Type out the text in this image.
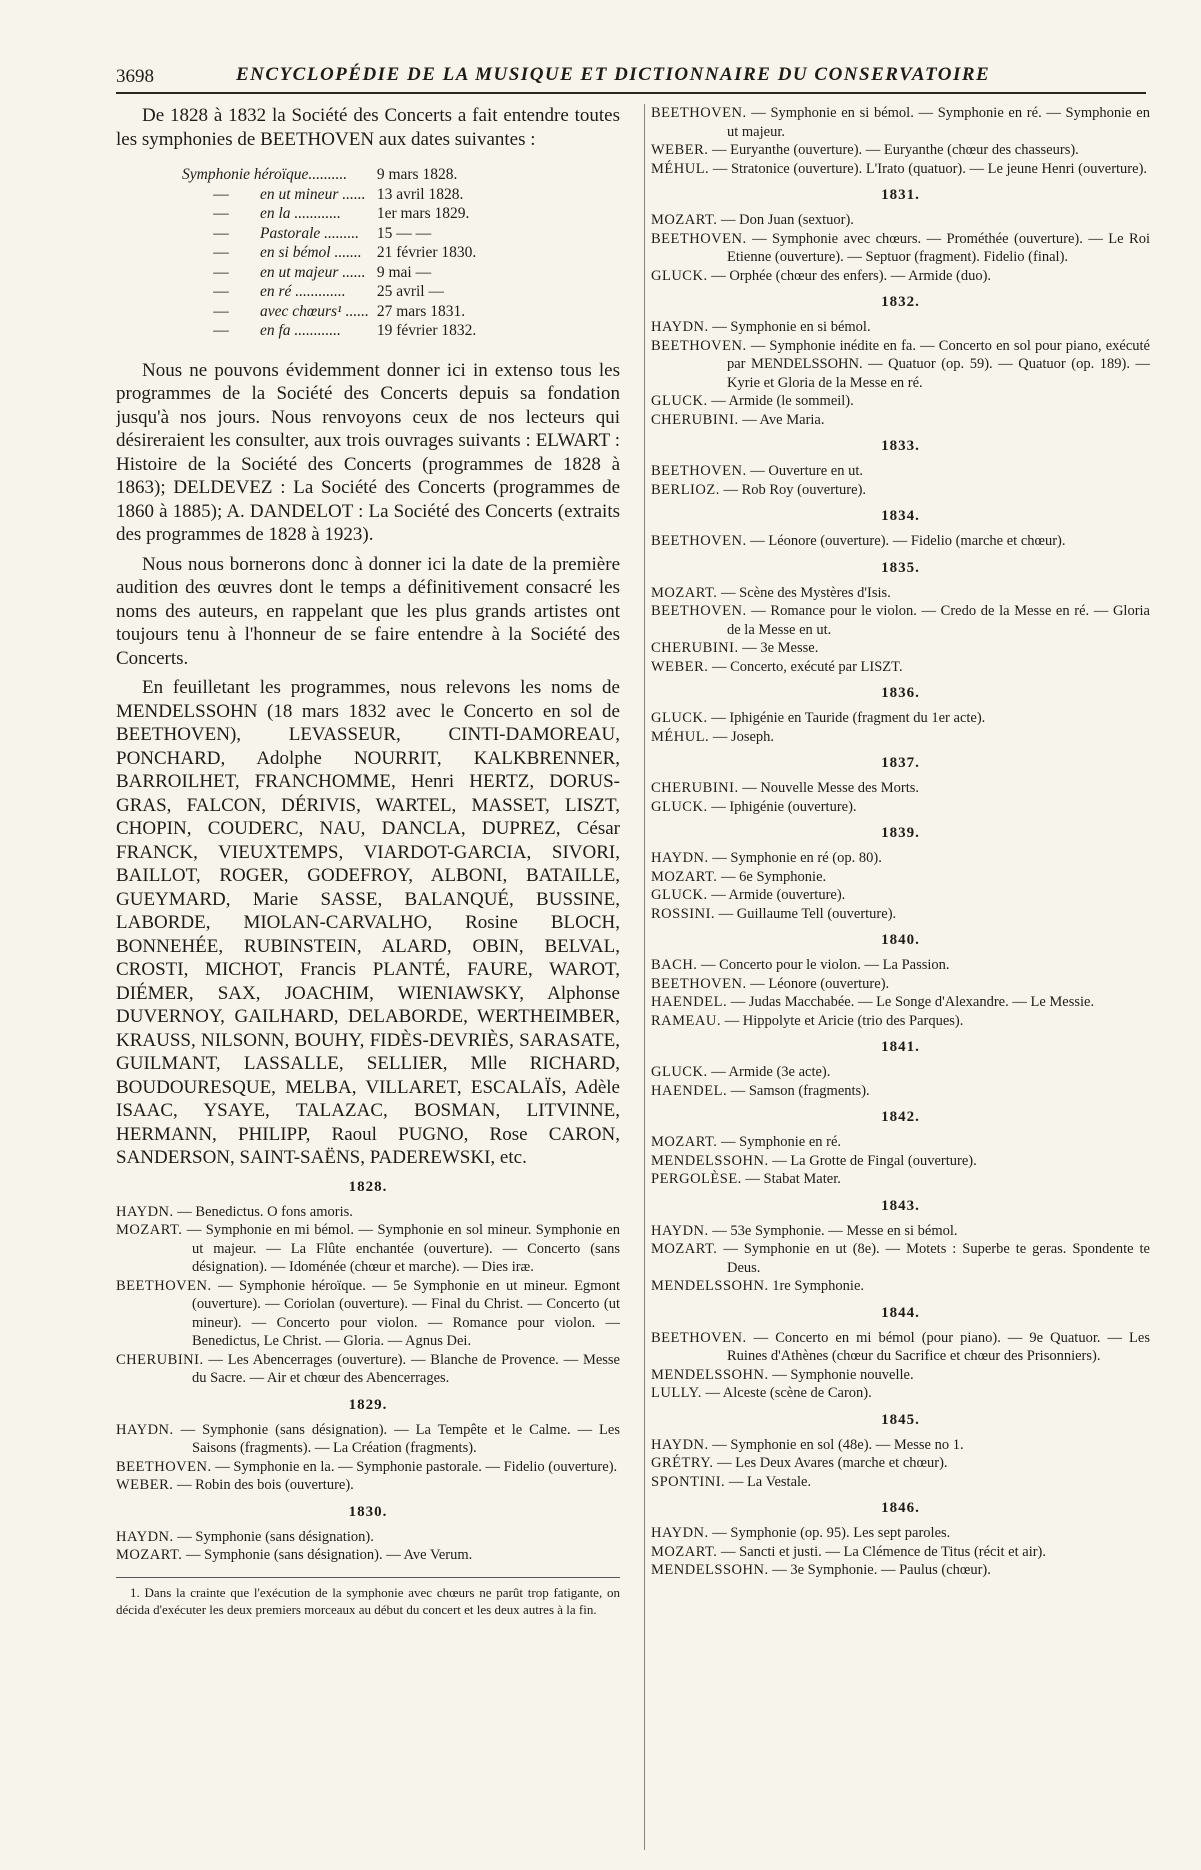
3698	ENCYCLOPÉDIE DE LA MUSIQUE ET DICTIONNAIRE DU CONSERVATOIRE

De 1828 à 1832 la Société des Concerts a fait entendre toutes les symphonies de BEETHOVEN aux dates suivantes :

Symphonie héroïque..........		9 mars 1828.
—	en ut mineur ......	13 avril 1828.
—	en la ............	1er mars 1829.
—	Pastorale .........	15 — —
—	en si bémol .......	21 février 1830.
—	en ut majeur ......	9 mai —
—	en ré .............	25 avril —
—	avec chœurs¹ ......	27 mars 1831.
—	en fa ............	19 février 1832.

Nous ne pouvons évidemment donner ici in extenso tous les programmes de la Société des Concerts depuis sa fondation jusqu'à nos jours. Nous renvoyons ceux de nos lecteurs qui désireraient les consulter, aux trois ouvrages suivants : ELWART : Histoire de la Société des Concerts (programmes de 1828 à 1863); DELDEVEZ : La Société des Concerts (programmes de 1860 à 1885); A. DANDELOT : La Société des Concerts (extraits des programmes de 1828 à 1923).

Nous nous bornerons donc à donner ici la date de la première audition des œuvres dont le temps a définitivement consacré les noms des auteurs, en rappelant que les plus grands artistes ont toujours tenu à l'honneur de se faire entendre à la Société des Concerts.

En feuilletant les programmes, nous relevons les noms de MENDELSSOHN (18 mars 1832 avec le Concerto en sol de BEETHOVEN), LEVASSEUR, CINTI-DAMOREAU, PONCHARD, Adolphe NOURRIT, KALKBRENNER, BARROILHET, FRANCHOMME, Henri HERTZ, DORUS-GRAS, FALCON, DÉRIVIS, WARTEL, MASSET, LISZT, CHOPIN, COUDERC, NAU, DANCLA, DUPREZ, César FRANCK, VIEUXTEMPS, VIARDOT-GARCIA, SIVORI, BAILLOT, ROGER, GODEFROY, ALBONI, BATAILLE, GUEYMARD, Marie SASSE, BALANQUÉ, BUSSINE, LABORDE, MIOLAN-CARVALHO, Rosine BLOCH, BONNEHÉE, RUBINSTEIN, ALARD, OBIN, BELVAL, CROSTI, MICHOT, Francis PLANTÉ, FAURE, WAROT, DIÉMER, SAX, JOACHIM, WIENIAWSKY, Alphonse DUVERNOY, GAILHARD, DELABORDE, WERTHEIMBER, KRAUSS, NILSONN, BOUHY, FIDÈS-DEVRIÈS, SARASATE, GUILMANT, LASSALLE, SELLIER, Mlle RICHARD, BOUDOURESQUE, MELBA, VILLARET, ESCALAÏS, Adèle ISAAC, YSAYE, TALAZAC, BOSMAN, LITVINNE, HERMANN, PHILIPP, Raoul PUGNO, Rose CARON, SANDERSON, SAINT-SAËNS, PADEREWSKI, etc.

1828.

HAYDN. — Benedictus. O fons amoris.

MOZART. — Symphonie en mi bémol. — Symphonie en sol mineur. Symphonie en ut majeur. — La Flûte enchantée (ouverture). — Concerto (sans désignation). — Idoménée (chœur et marche). — Dies iræ.

BEETHOVEN. — Symphonie héroïque. — 5e Symphonie en ut mineur. Egmont (ouverture). — Coriolan (ouverture). — Final du Christ. — Concerto (ut mineur). — Concerto pour violon. — Romance pour violon. — Benedictus, Le Christ. — Gloria. — Agnus Dei.

CHERUBINI. — Les Abencerrages (ouverture). — Blanche de Provence. — Messe du Sacre. — Air et chœur des Abencerrages.

1829.

HAYDN. — Symphonie (sans désignation). — La Tempête et le Calme. — Les Saisons (fragments). — La Création (fragments).

BEETHOVEN. — Symphonie en la. — Symphonie pastorale. — Fidelio (ouverture).

WEBER. — Robin des bois (ouverture).

1830.

HAYDN. — Symphonie (sans désignation).

MOZART. — Symphonie (sans désignation). — Ave Verum.

1. Dans la crainte que l'exécution de la symphonie avec chœurs ne parût trop fatigante, on décida d'exécuter les deux premiers morceaux au début du concert et les deux autres à la fin.

BEETHOVEN. — Symphonie en si bémol. — Symphonie en ré. — Symphonie en ut majeur.

WEBER. — Euryanthe (ouverture). — Euryanthe (chœur des chasseurs).

MÉHUL. — Stratonice (ouverture). L'Irato (quatuor). — Le jeune Henri (ouverture).

1831.

MOZART. — Don Juan (sextuor).

BEETHOVEN. — Symphonie avec chœurs. — Prométhée (ouverture). — Le Roi Etienne (ouverture). — Septuor (fragment). Fidelio (final).

GLUCK. — Orphée (chœur des enfers). — Armide (duo).

1832.

HAYDN. — Symphonie en si bémol.

BEETHOVEN. — Symphonie inédite en fa. — Concerto en sol pour piano, exécuté par MENDELSSOHN. — Quatuor (op. 59). — Quatuor (op. 189). — Kyrie et Gloria de la Messe en ré.

GLUCK. — Armide (le sommeil).

CHERUBINI. — Ave Maria.

1833.

BEETHOVEN. — Ouverture en ut.

BERLIOZ. — Rob Roy (ouverture).

1834.

BEETHOVEN. — Léonore (ouverture). — Fidelio (marche et chœur).

1835.

MOZART. — Scène des Mystères d'Isis.

BEETHOVEN. — Romance pour le violon. — Credo de la Messe en ré. — Gloria de la Messe en ut.

CHERUBINI. — 3e Messe.

WEBER. — Concerto, exécuté par LISZT.

1836.

GLUCK. — Iphigénie en Tauride (fragment du 1er acte).

MÉHUL. — Joseph.

1837.

CHERUBINI. — Nouvelle Messe des Morts.

GLUCK. — Iphigénie (ouverture).

1839.

HAYDN. — Symphonie en ré (op. 80).

MOZART. — 6e Symphonie.

GLUCK. — Armide (ouverture).

ROSSINI. — Guillaume Tell (ouverture).

1840.

BACH. — Concerto pour le violon. — La Passion.

BEETHOVEN. — Léonore (ouverture).

HAENDEL. — Judas Macchabée. — Le Songe d'Alexandre. — Le Messie.

RAMEAU. — Hippolyte et Aricie (trio des Parques).

1841.

GLUCK. — Armide (3e acte).

HAENDEL. — Samson (fragments).

1842.

MOZART. — Symphonie en ré.

MENDELSSOHN. — La Grotte de Fingal (ouverture).

PERGOLÈSE. — Stabat Mater.

1843.

HAYDN. — 53e Symphonie. — Messe en si bémol.

MOZART. — Symphonie en ut (8e). — Motets : Superbe te geras. Spondente te Deus.

MENDELSSOHN. 1re Symphonie.

1844.

BEETHOVEN. — Concerto en mi bémol (pour piano). — 9e Quatuor. — Les Ruines d'Athènes (chœur du Sacrifice et chœur des Prisonniers).

MENDELSSOHN. — Symphonie nouvelle.

LULLY. — Alceste (scène de Caron).

1845.

HAYDN. — Symphonie en sol (48e). — Messe no 1.

GRÉTRY. — Les Deux Avares (marche et chœur).

SPONTINI. — La Vestale.

1846.

HAYDN. — Symphonie (op. 95). Les sept paroles.

MOZART. — Sancti et justi. — La Clémence de Titus (récit et air).

MENDELSSOHN. — 3e Symphonie. — Paulus (chœur).
